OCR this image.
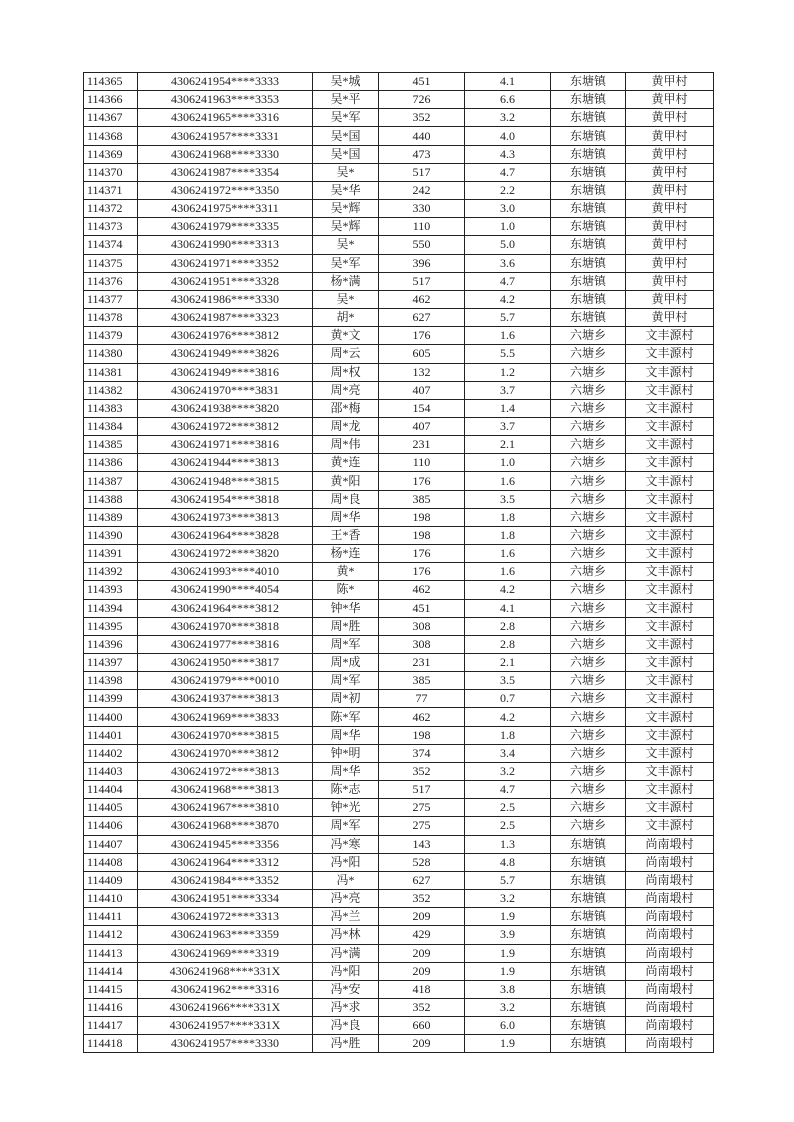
114365	4306241954****3333	吴*城	451	4.1	东塘镇	黄甲村
114366	4306241963****3353	吴*平	726	6.6	东塘镇	黄甲村
114367	4306241965****3316	吴*军	352	3.2	东塘镇	黄甲村
114368	4306241957****3331	吴*国	440	4.0	东塘镇	黄甲村
114369	4306241968****3330	吴*国	473	4.3	东塘镇	黄甲村
114370	4306241987****3354	吴*	517	4.7	东塘镇	黄甲村
114371	4306241972****3350	吴*华	242	2.2	东塘镇	黄甲村
114372	4306241975****3311	吴*辉	330	3.0	东塘镇	黄甲村
114373	4306241979****3335	吴*辉	110	1.0	东塘镇	黄甲村
114374	4306241990****3313	吴*	550	5.0	东塘镇	黄甲村
114375	4306241971****3352	吴*军	396	3.6	东塘镇	黄甲村
114376	4306241951****3328	杨*满	517	4.7	东塘镇	黄甲村
114377	4306241986****3330	吴*	462	4.2	东塘镇	黄甲村
114378	4306241987****3323	胡*	627	5.7	东塘镇	黄甲村
114379	4306241976****3812	黄*文	176	1.6	六塘乡	文丰源村
114380	4306241949****3826	周*云	605	5.5	六塘乡	文丰源村
114381	4306241949****3816	周*权	132	1.2	六塘乡	文丰源村
114382	4306241970****3831	周*亮	407	3.7	六塘乡	文丰源村
114383	4306241938****3820	邵*梅	154	1.4	六塘乡	文丰源村
114384	4306241972****3812	周*龙	407	3.7	六塘乡	文丰源村
114385	4306241971****3816	周*伟	231	2.1	六塘乡	文丰源村
114386	4306241944****3813	黄*连	110	1.0	六塘乡	文丰源村
114387	4306241948****3815	黄*阳	176	1.6	六塘乡	文丰源村
114388	4306241954****3818	周*良	385	3.5	六塘乡	文丰源村
114389	4306241973****3813	周*华	198	1.8	六塘乡	文丰源村
114390	4306241964****3828	王*香	198	1.8	六塘乡	文丰源村
114391	4306241972****3820	杨*连	176	1.6	六塘乡	文丰源村
114392	4306241993****4010	黄*	176	1.6	六塘乡	文丰源村
114393	4306241990****4054	陈*	462	4.2	六塘乡	文丰源村
114394	4306241964****3812	钟*华	451	4.1	六塘乡	文丰源村
114395	4306241970****3818	周*胜	308	2.8	六塘乡	文丰源村
114396	4306241977****3816	周*军	308	2.8	六塘乡	文丰源村
114397	4306241950****3817	周*成	231	2.1	六塘乡	文丰源村
114398	4306241979****0010	周*军	385	3.5	六塘乡	文丰源村
114399	4306241937****3813	周*初	77	0.7	六塘乡	文丰源村
114400	4306241969****3833	陈*军	462	4.2	六塘乡	文丰源村
114401	4306241970****3815	周*华	198	1.8	六塘乡	文丰源村
114402	4306241970****3812	钟*明	374	3.4	六塘乡	文丰源村
114403	4306241972****3813	周*华	352	3.2	六塘乡	文丰源村
114404	4306241968****3813	陈*志	517	4.7	六塘乡	文丰源村
114405	4306241967****3810	钟*光	275	2.5	六塘乡	文丰源村
114406	4306241968****3870	周*军	275	2.5	六塘乡	文丰源村
114407	4306241945****3356	冯*寒	143	1.3	东塘镇	尚南塅村
114408	4306241964****3312	冯*阳	528	4.8	东塘镇	尚南塅村
114409	4306241984****3352	冯*	627	5.7	东塘镇	尚南塅村
114410	4306241951****3334	冯*亮	352	3.2	东塘镇	尚南塅村
114411	4306241972****3313	冯*兰	209	1.9	东塘镇	尚南塅村
114412	4306241963****3359	冯*林	429	3.9	东塘镇	尚南塅村
114413	4306241969****3319	冯*满	209	1.9	东塘镇	尚南塅村
114414	4306241968****331X	冯*阳	209	1.9	东塘镇	尚南塅村
114415	4306241962****3316	冯*安	418	3.8	东塘镇	尚南塅村
114416	4306241966****331X	冯*求	352	3.2	东塘镇	尚南塅村
114417	4306241957****331X	冯*良	660	6.0	东塘镇	尚南塅村
114418	4306241957****3330	冯*胜	209	1.9	东塘镇	尚南塅村
